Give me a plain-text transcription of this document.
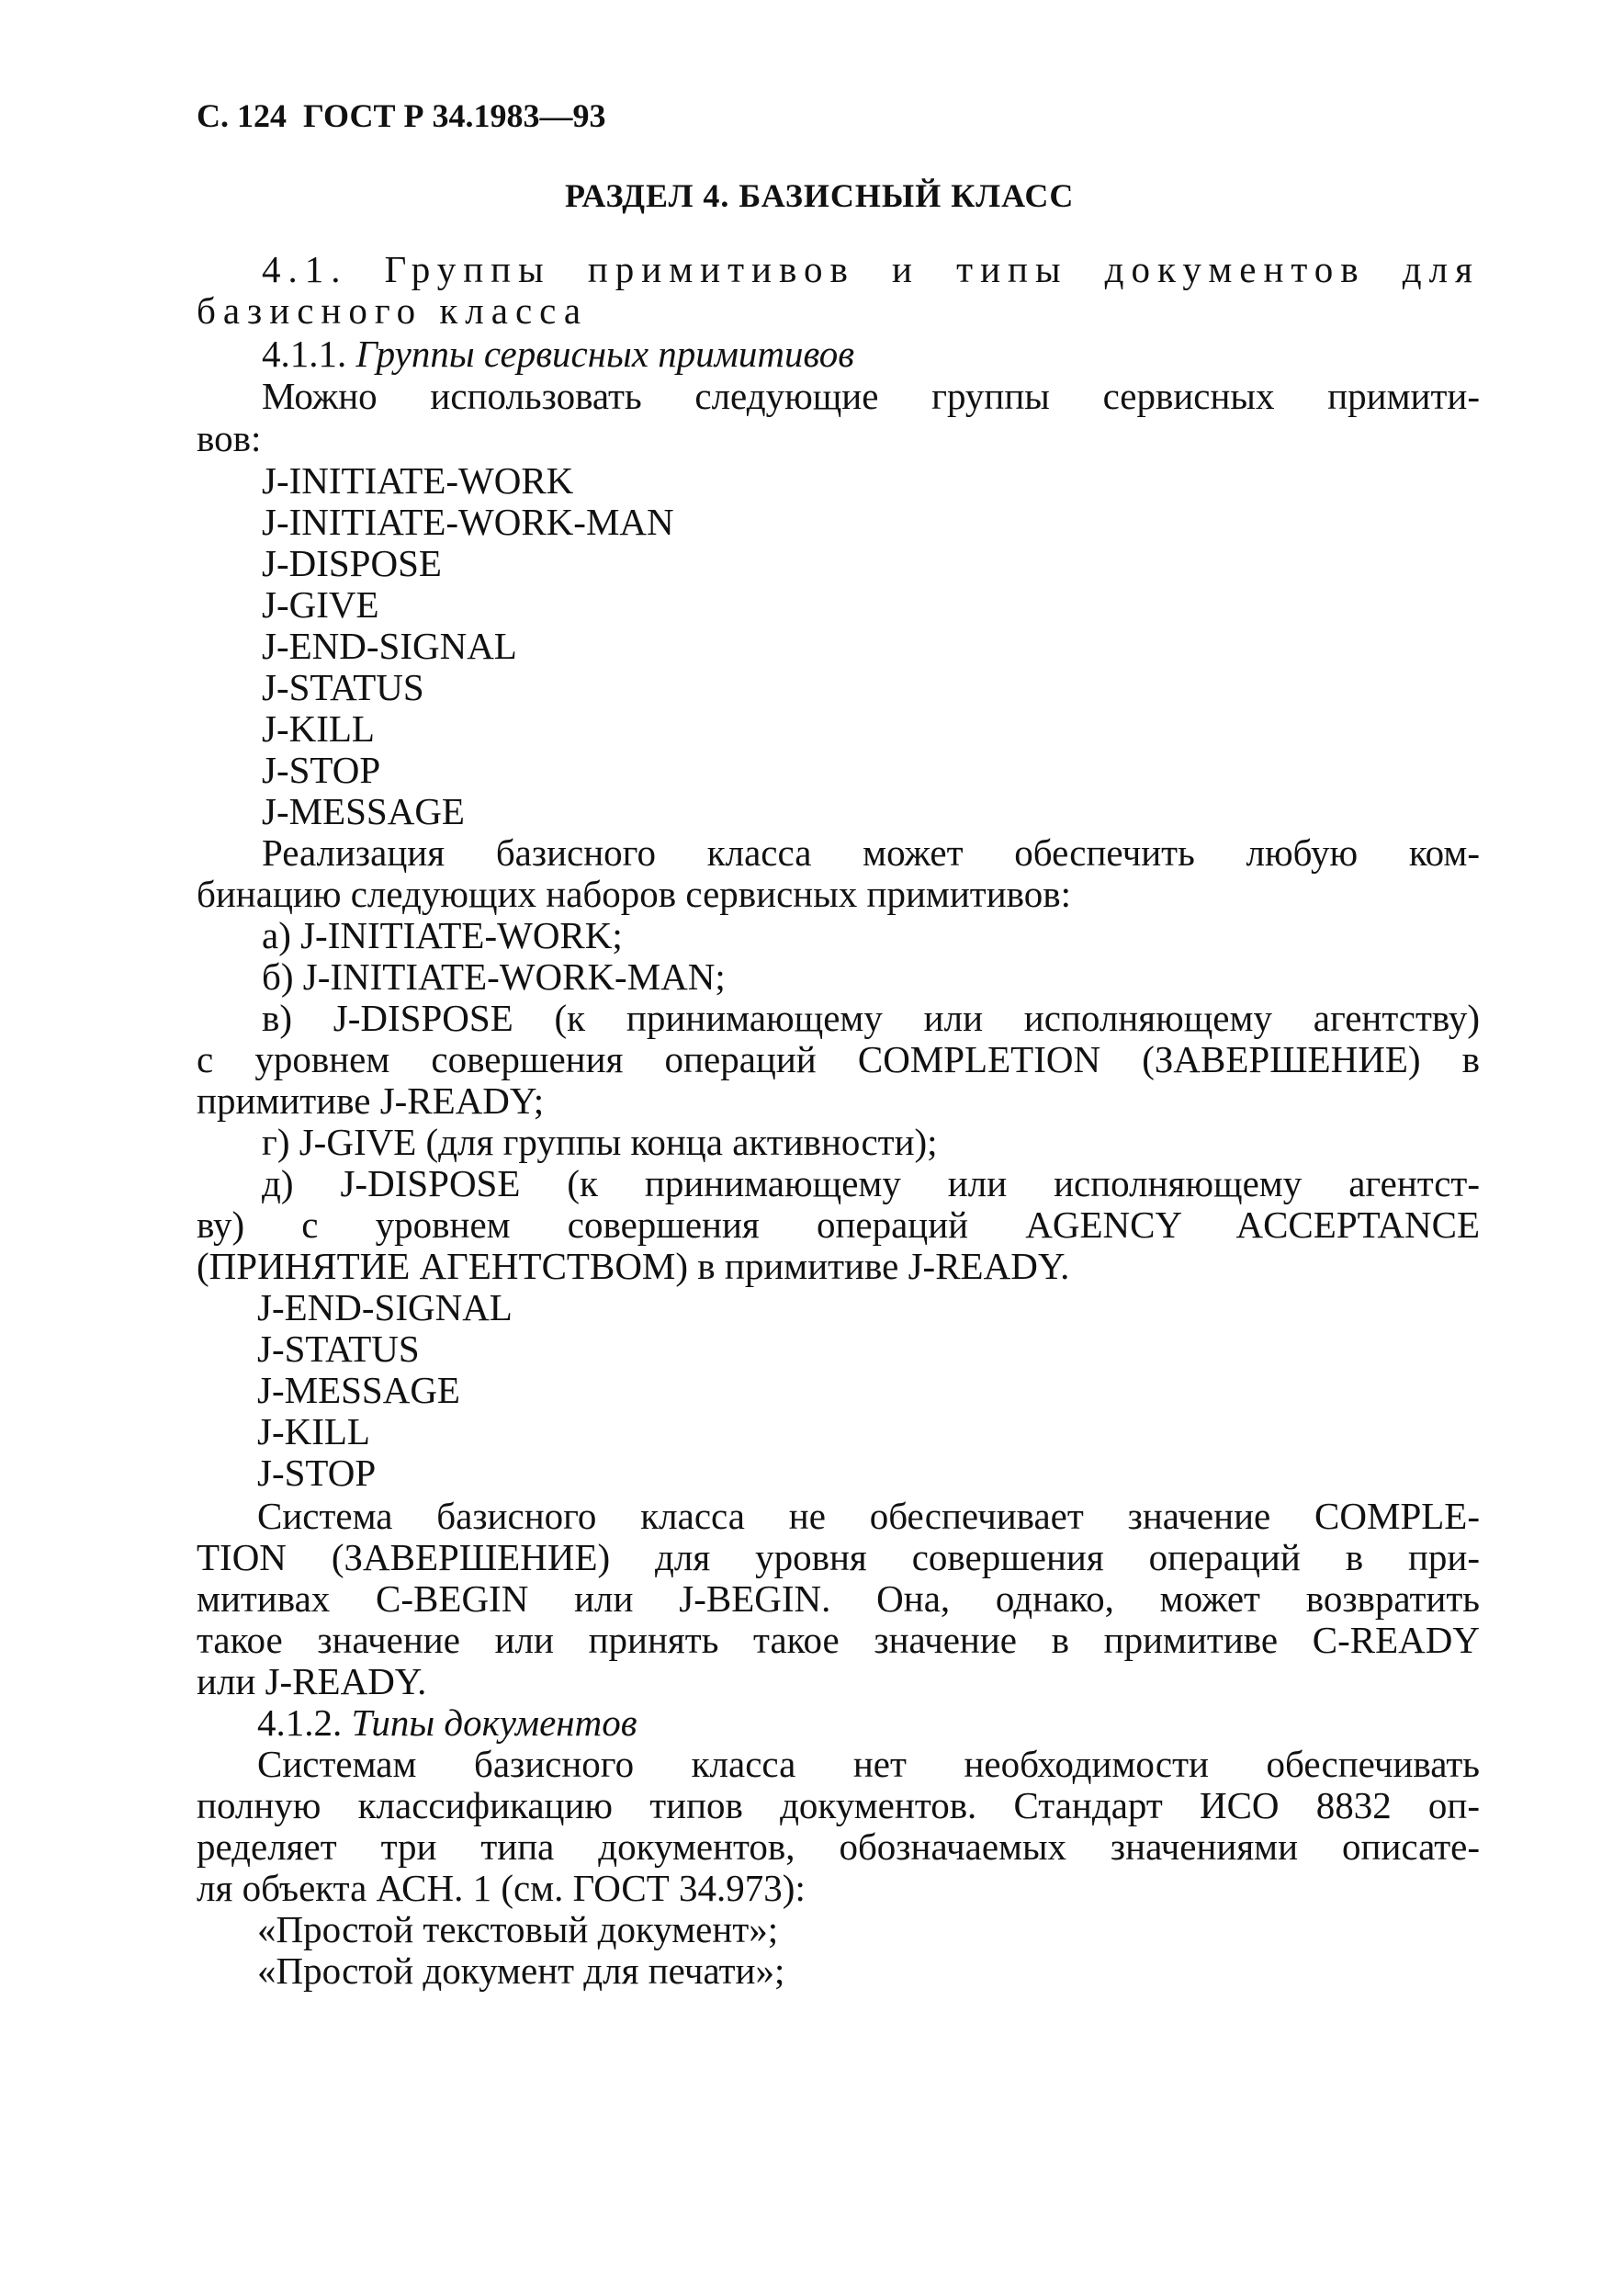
С. 124 ГОСТ Р 34.1983—93
РАЗДЕЛ 4. БАЗИСНЫЙ КЛАСС
4.1. Группы примитивов и типы документов для
базисного класса
4.1.1. Группы сервисных примитивов
Можно использовать следующие группы сервисных примити-
вов:
J-INITIATE-WORK
J-INITIATE-WORK-MAN
J-DISPOSE
J-GIVE
J-END-SIGNAL
J-STATUS
J-KILL
J-STOP
J-MESSAGE
Реализация базисного класса может обеспечить любую ком-
бинацию следующих наборов сервисных примитивов:
а) J-INITIATE-WORK;
б) J-INITIATE-WORK-MAN;
в) J-DISPOSE (к принимающему или исполняющему агентству)
с уровнем совершения операций COMPLETION (ЗАВЕРШЕНИЕ) в
примитиве J-READY;
г) J-GIVE (для группы конца активности);
д) J-DISPOSE (к принимающему или исполняющему агентст-
ву) с уровнем совершения операций AGENCY ACCEPTANCE
(ПРИНЯТИЕ АГЕНТСТВОМ) в примитиве J-READY.
J-END-SIGNAL
J-STATUS
J-MESSAGE
J-KILL
J-STOP
Система базисного класса не обеспечивает значение COMPLE-
TION (ЗАВЕРШЕНИЕ) для уровня совершения операций в при-
митивах C-BEGIN или J-BEGIN. Она, однако, может возвратить
такое значение или принять такое значение в примитиве C-READY
или J-READY.
4.1.2. Типы документов
Системам базисного класса нет необходимости обеспечивать
полную классификацию типов документов. Стандарт ИСО 8832 оп-
ределяет три типа документов, обозначаемых значениями описате-
ля объекта АСН. 1 (см. ГОСТ 34.973):
«Простой текстовый документ»;
«Простой документ для печати»;
